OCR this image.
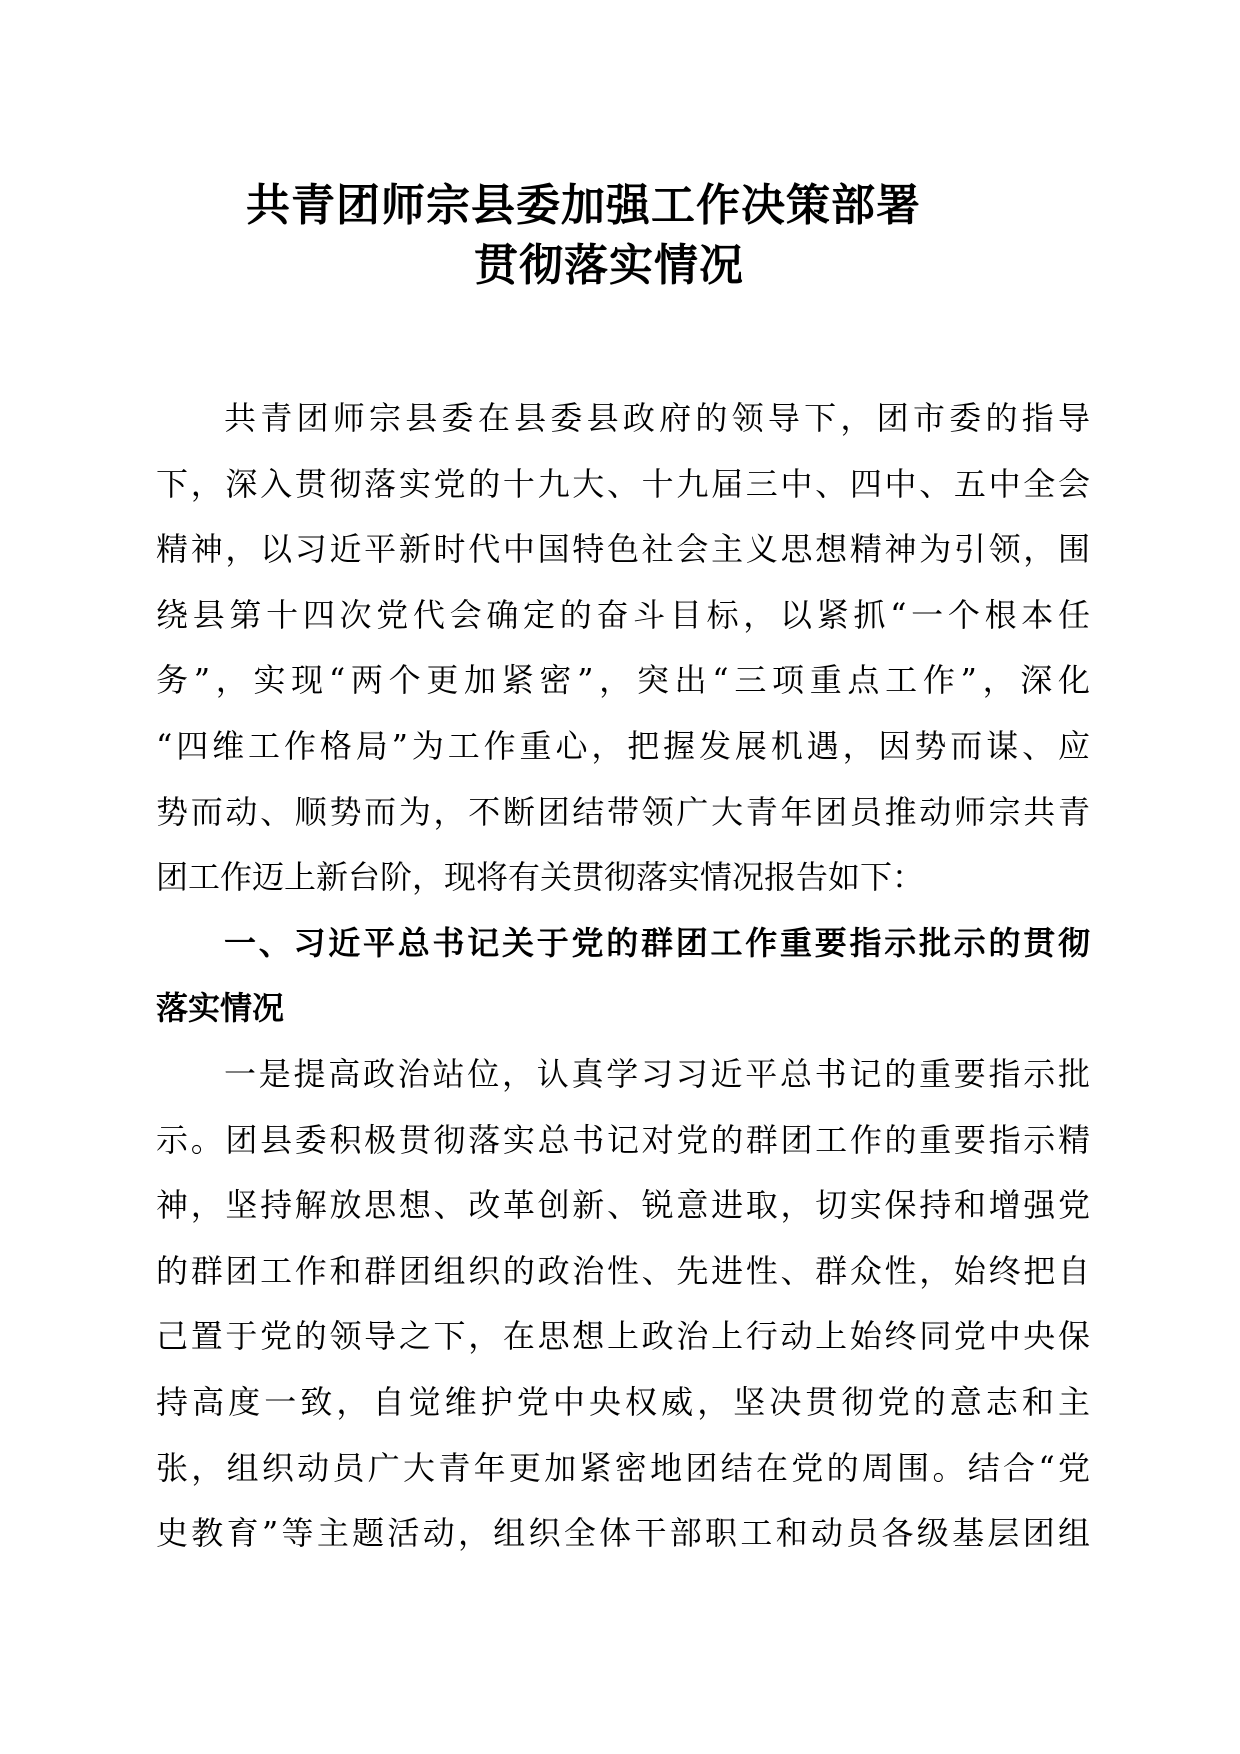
共青团师宗县委加强工作决策部署
贯彻落实情况
共青团师宗县委在县委县政府的领导下，团市委的指导
下，深入贯彻落实党的十九大、十九届三中、四中、五中全会
精神，以习近平新时代中国特色社会主义思想精神为引领，围
绕县第十四次党代会确定的奋斗目标，以紧抓“一个根本任
务”，实现“两个更加紧密”，突出“三项重点工作”，深化
“四维工作格局”为工作重心，把握发展机遇，因势而谋、应
势而动、顺势而为，不断团结带领广大青年团员推动师宗共青
团工作迈上新台阶，现将有关贯彻落实情况报告如下：
一、习近平总书记关于党的群团工作重要指示批示的贯彻
落实情况
一是提高政治站位，认真学习习近平总书记的重要指示批
示。团县委积极贯彻落实总书记对党的群团工作的重要指示精
神，坚持解放思想、改革创新、锐意进取，切实保持和增强党
的群团工作和群团组织的政治性、先进性、群众性，始终把自
己置于党的领导之下，在思想上政治上行动上始终同党中央保
持高度一致，自觉维护党中央权威，坚决贯彻党的意志和主
张，组织动员广大青年更加紧密地团结在党的周围。结合“党
史教育”等主题活动，组织全体干部职工和动员各级基层团组
